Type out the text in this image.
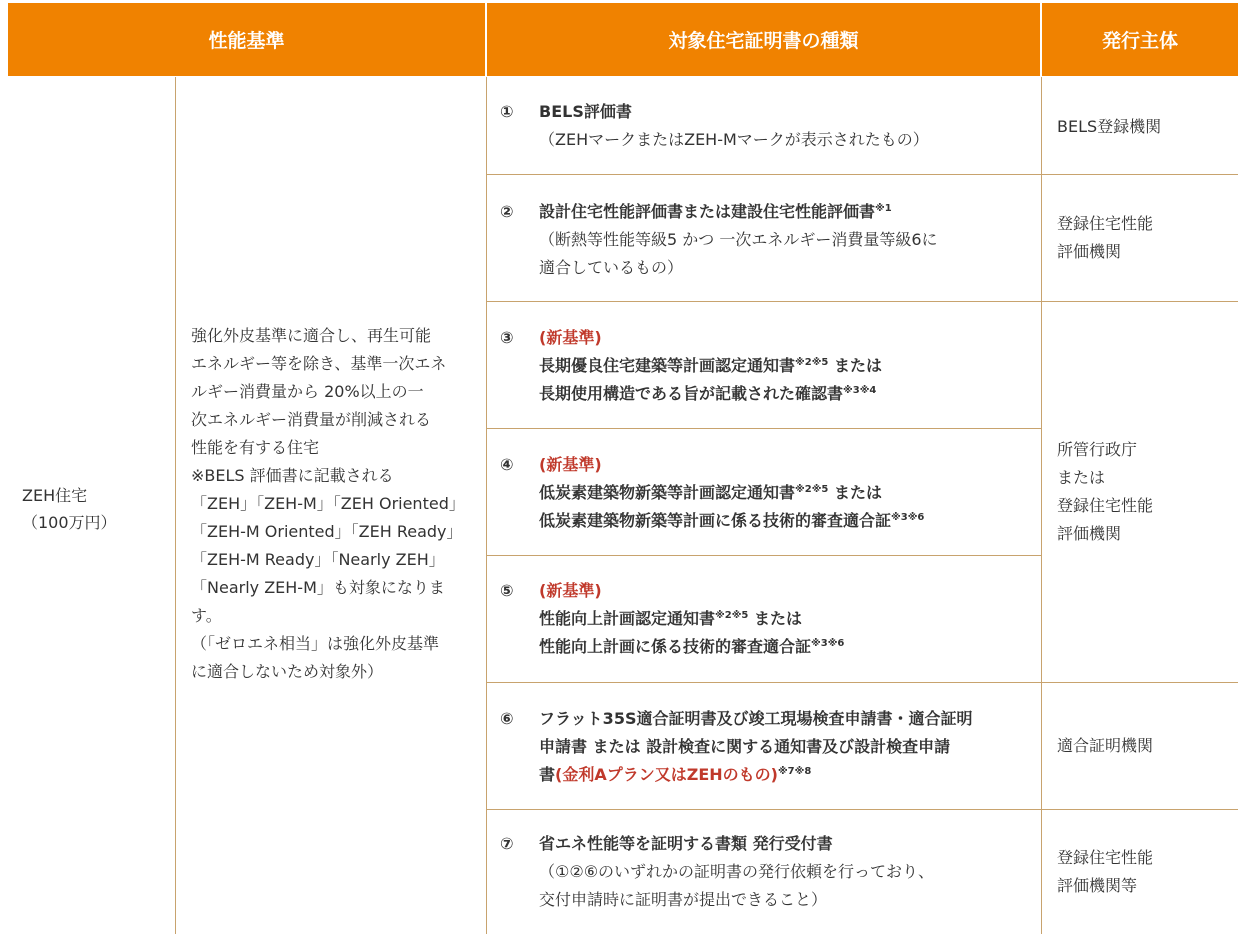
性能基準	対象住宅証明書の種類	発行主体
ZEH住宅
（100万円）
強化外皮基準に適合し、再生可能
エネルギー等を除き、基準一次エネ
ルギー消費量から 20%以上の一
次エネルギー消費量が削減される
性能を有する住宅
※BELS 評価書に記載される
「ZEH」「ZEH-M」「ZEH Oriented」
「ZEH-M Oriented」「ZEH Ready」
「ZEH-M Ready」「Nearly ZEH」
「Nearly ZEH-M」も対象になりま
す。
（「ゼロエネ相当」は強化外皮基準
に適合しないため対象外）
① BELS評価書
（ZEHマークまたはZEH-Mマークが表示されたもの）
② 設計住宅性能評価書または建設住宅性能評価書$^{※1}$
（断熱等性能等級5 かつ 一次エネルギー消費量等級6に
適合しているもの）
③ (新基準)
長期優良住宅建築等計画認定通知書$^{※2※5}$ または
長期使用構造である旨が記載された確認書$^{※3※4}$
④ (新基準)
低炭素建築物新築等計画認定通知書$^{※2※5}$ または
低炭素建築物新築等計画に係る技術的審査適合証$^{※3※6}$
⑤ (新基準)
性能向上計画認定通知書$^{※2※5}$ または
性能向上計画に係る技術的審査適合証$^{※3※6}$
⑥ フラット35S適合証明書及び竣工現場検査申請書・適合証明
申請書 または 設計検査に関する通知書及び設計検査申請
書(金利Aプラン又はZEHのもの)$^{※7※8}$
⑦ 省エネ性能等を証明する書類 発行受付書
（①②⑥のいずれかの証明書の発行依頼を行っており、
交付申請時に証明書が提出できること）
BELS登録機関
登録住宅性能
評価機関
所管行政庁
または
登録住宅性能
評価機関
適合証明機関
登録住宅性能
評価機関等
